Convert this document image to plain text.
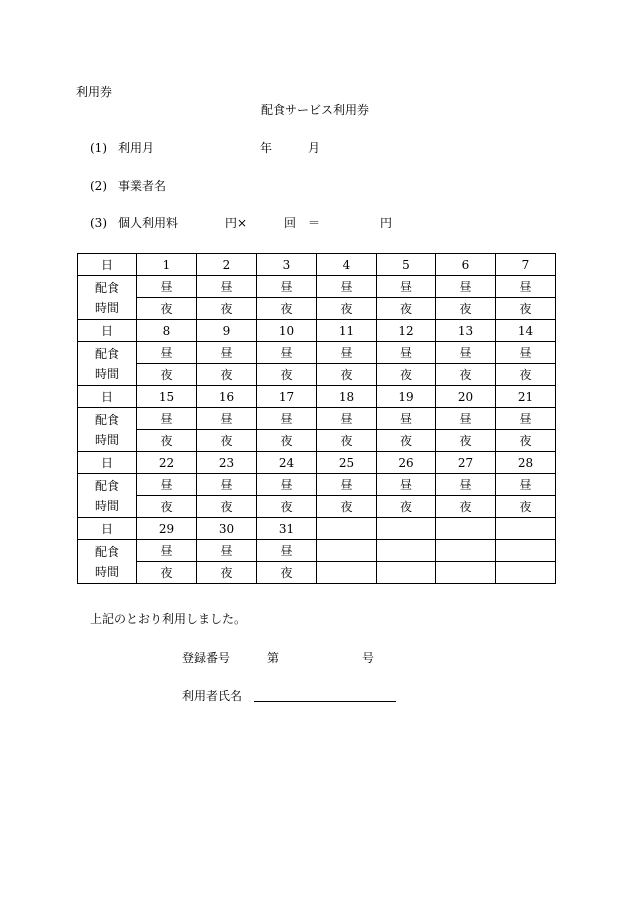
利用券
配食サービス利用券
(1) 利用月	年	月
(2) 事業者名
(3) 個人利用料	円×	回 ＝	円
日	1	2	3	4	5	6	7

配食
時間	昼	昼	昼	昼	昼	昼	昼
	夜	夜	夜	夜	夜	夜	夜
日	8	9	10	11	12	13	14

配食
時間	昼	昼	昼	昼	昼	昼	昼
	夜	夜	夜	夜	夜	夜	夜
日	15	16	17	18	19	20	21

配食
時間	昼	昼	昼	昼	昼	昼	昼
	夜	夜	夜	夜	夜	夜	夜
日	22	23	24	25	26	27	28

配食
時間	昼	昼	昼	昼	昼	昼	昼
	夜	夜	夜	夜	夜	夜	夜
日	29	30	31				

配食
時間	昼	昼	昼				
	夜	夜	夜				
上記のとおり利用しました。
登録番号	第	号
利用者氏名
